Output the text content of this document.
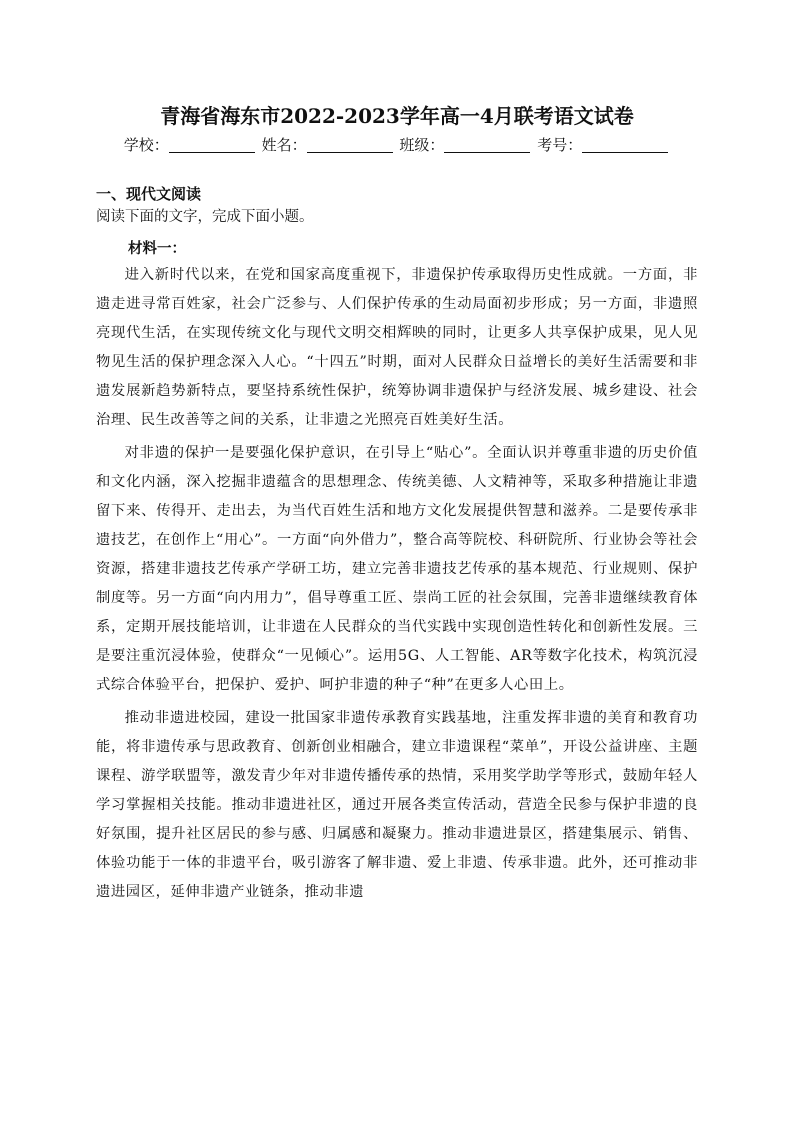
青海省海东市2022-2023学年高一4月联考语文试卷
学校：	姓名：	班级：	考号：
一、现代文阅读
阅读下面的文字，完成下面小题。
材料一：

进入新时代以来，在党和国家高度重视下，非遗保护传承取得历史性成就。一方面，非遗走进寻常百姓家，社会广泛参与、人们保护传承的生动局面初步形成；另一方面，非遗照亮现代生活，在实现传统文化与现代文明交相辉映的同时，让更多人共享保护成果，见人见物见生活的保护理念深入人心。“十四五”时期，面对人民群众日益增长的美好生活需要和非遗发展新趋势新特点，要坚持系统性保护，统筹协调非遗保护与经济发展、城乡建设、社会治理、民生改善等之间的关系，让非遗之光照亮百姓美好生活。

对非遗的保护一是要强化保护意识，在引导上“贴心”。全面认识并尊重非遗的历史价值和文化内涵，深入挖掘非遗蕴含的思想理念、传统美德、人文精神等，采取多种措施让非遗留下来、传得开、走出去，为当代百姓生活和地方文化发展提供智慧和滋养。二是要传承非遗技艺，在创作上“用心”。一方面“向外借力”，整合高等院校、科研院所、行业协会等社会资源，搭建非遗技艺传承产学研工坊，建立完善非遗技艺传承的基本规范、行业规则、保护制度等。另一方面“向内用力”，倡导尊重工匠、崇尚工匠的社会氛围，完善非遗继续教育体系，定期开展技能培训，让非遗在人民群众的当代实践中实现创造性转化和创新性发展。三是要注重沉浸体验，使群众“一见倾心”。运用5G、人工智能、AR等数字化技术，构筑沉浸式综合体验平台，把保护、爱护、呵护非遗的种子“种”在更多人心田上。

推动非遗进校园，建设一批国家非遗传承教育实践基地，注重发挥非遗的美育和教育功能，将非遗传承与思政教育、创新创业相融合，建立非遗课程“菜单”，开设公益讲座、主题课程、游学联盟等，激发青少年对非遗传播传承的热情，采用奖学助学等形式，鼓励年轻人学习掌握相关技能。推动非遗进社区，通过开展各类宣传活动，营造全民参与保护非遗的良好氛围，提升社区居民的参与感、归属感和凝聚力。推动非遗进景区，搭建集展示、销售、体验功能于一体的非遗平台，吸引游客了解非遗、爱上非遗、传承非遗。此外，还可推动非遗进园区，延伸非遗产业链条，推动非遗
